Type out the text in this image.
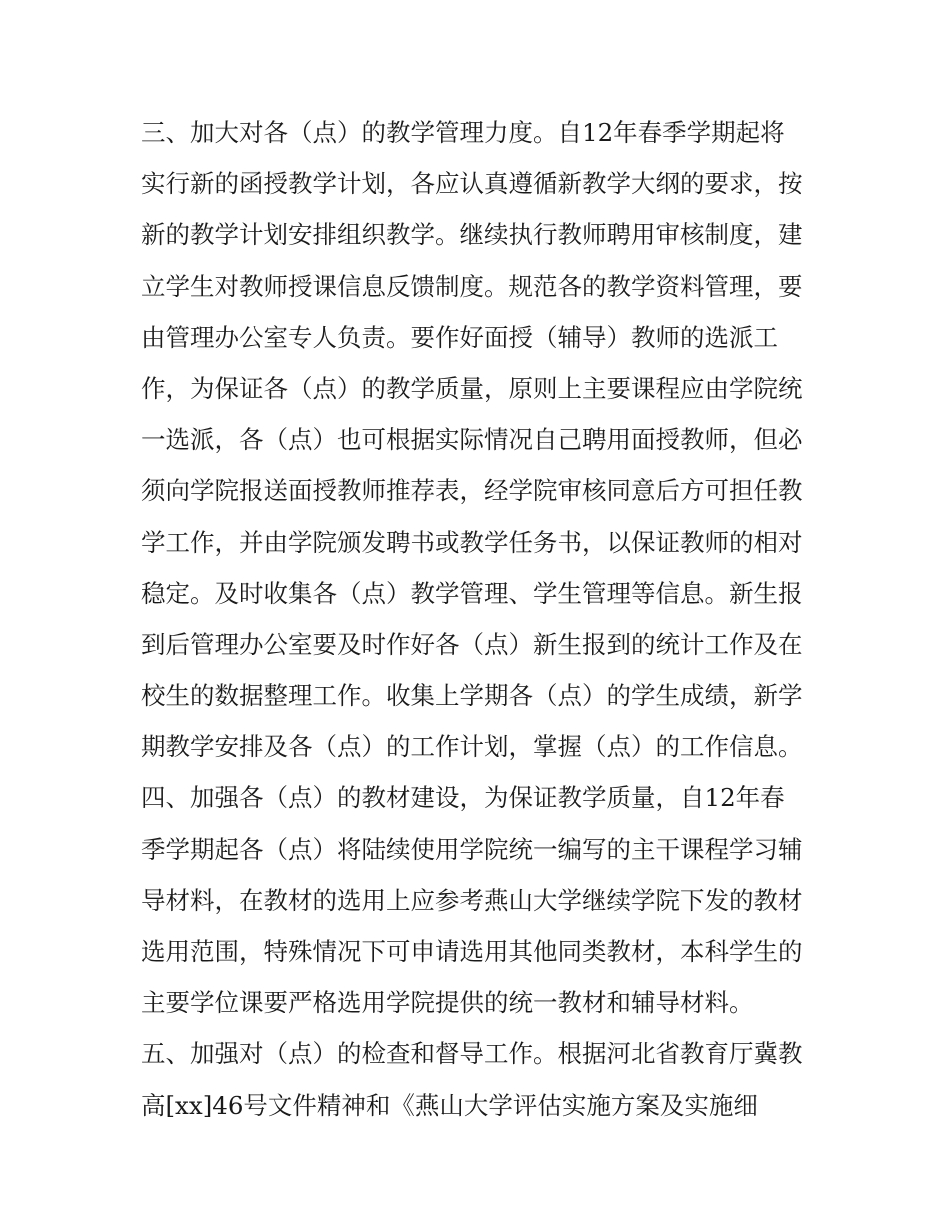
三、加大对各（点）的教学管理力度。自12年春季学期起将
实行新的函授教学计划，各应认真遵循新教学大纲的要求，按
新的教学计划安排组织教学。继续执行教师聘用审核制度，建
立学生对教师授课信息反馈制度。规范各的教学资料管理，要
由管理办公室专人负责。要作好面授（辅导）教师的选派工
作，为保证各（点）的教学质量，原则上主要课程应由学院统
一选派，各（点）也可根据实际情况自己聘用面授教师，但必
须向学院报送面授教师推荐表，经学院审核同意后方可担任教
学工作，并由学院颁发聘书或教学任务书，以保证教师的相对
稳定。及时收集各（点）教学管理、学生管理等信息。新生报
到后管理办公室要及时作好各（点）新生报到的统计工作及在
校生的数据整理工作。收集上学期各（点）的学生成绩，新学
期教学安排及各（点）的工作计划，掌握（点）的工作信息。
四、加强各（点）的教材建设，为保证教学质量，自12年春
季学期起各（点）将陆续使用学院统一编写的主干课程学习辅
导材料，在教材的选用上应参考燕山大学继续学院下发的教材
选用范围，特殊情况下可申请选用其他同类教材，本科学生的
主要学位课要严格选用学院提供的统一教材和辅导材料。
五、加强对（点）的检查和督导工作。根据河北省教育厅冀教
高[xx]46号文件精神和《燕山大学评估实施方案及实施细
